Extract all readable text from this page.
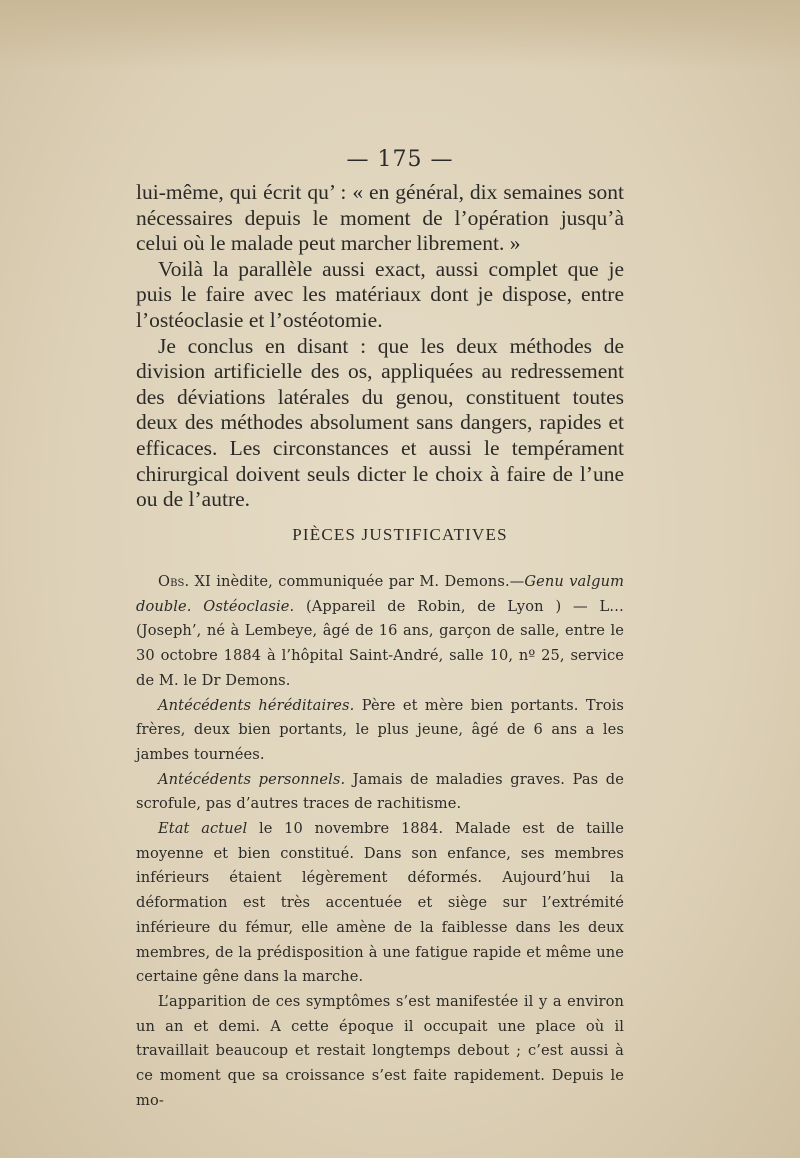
— 175 —

lui-même, qui écrit qu’ : « en général, dix semaines sont nécessaires depuis le moment de l’opération jusqu’à celui où le malade peut marcher librement. »

Voilà la parallèle aussi exact, aussi complet que je puis le faire avec les matériaux dont je dispose, entre l’ostéoclasie et l’ostéotomie.

Je conclus en disant : que les deux méthodes de division artificielle des os, appliquées au redressement des déviations latérales du genou, constituent toutes deux des méthodes absolument sans dangers, rapides et efficaces. Les circonstances et aussi le tempérament chirurgical doivent seuls dicter le choix à faire de l’une ou de l’autre.

PIÈCES JUSTIFICATIVES

Obs. XI inèdite, communiquée par M. Demons.—Genu valgum double. Ostéoclasie. (Appareil de Robin, de Lyon ) — L… (Joseph’, né à Lembeye, âgé de 16 ans, garçon de salle, entre le 30 octobre 1884 à l’hôpital Saint-André, salle 10, nº 25, service de M. le Dr Demons.

Antécédents héréditaires. Père et mère bien portants. Trois frères, deux bien portants, le plus jeune, âgé de 6 ans a les jambes tournées.

Antécédents personnels. Jamais de maladies graves. Pas de scrofule, pas d’autres traces de rachitisme.

Etat actuel le 10 novembre 1884. Malade est de taille moyenne et bien constitué. Dans son enfance, ses membres inférieurs étaient légèrement déformés. Aujourd’hui la déformation est très accentuée et siège sur l’extrémité inférieure du fémur, elle amène de la faiblesse dans les deux membres, de la prédisposition à une fatigue rapide et même une certaine gêne dans la marche.

L’apparition de ces symptômes s’est manifestée il y a environ un an et demi. A cette époque il occupait une place où il travaillait beaucoup et restait longtemps debout ; c’est aussi à ce moment que sa croissance s’est faite rapidement. Depuis le mo-
